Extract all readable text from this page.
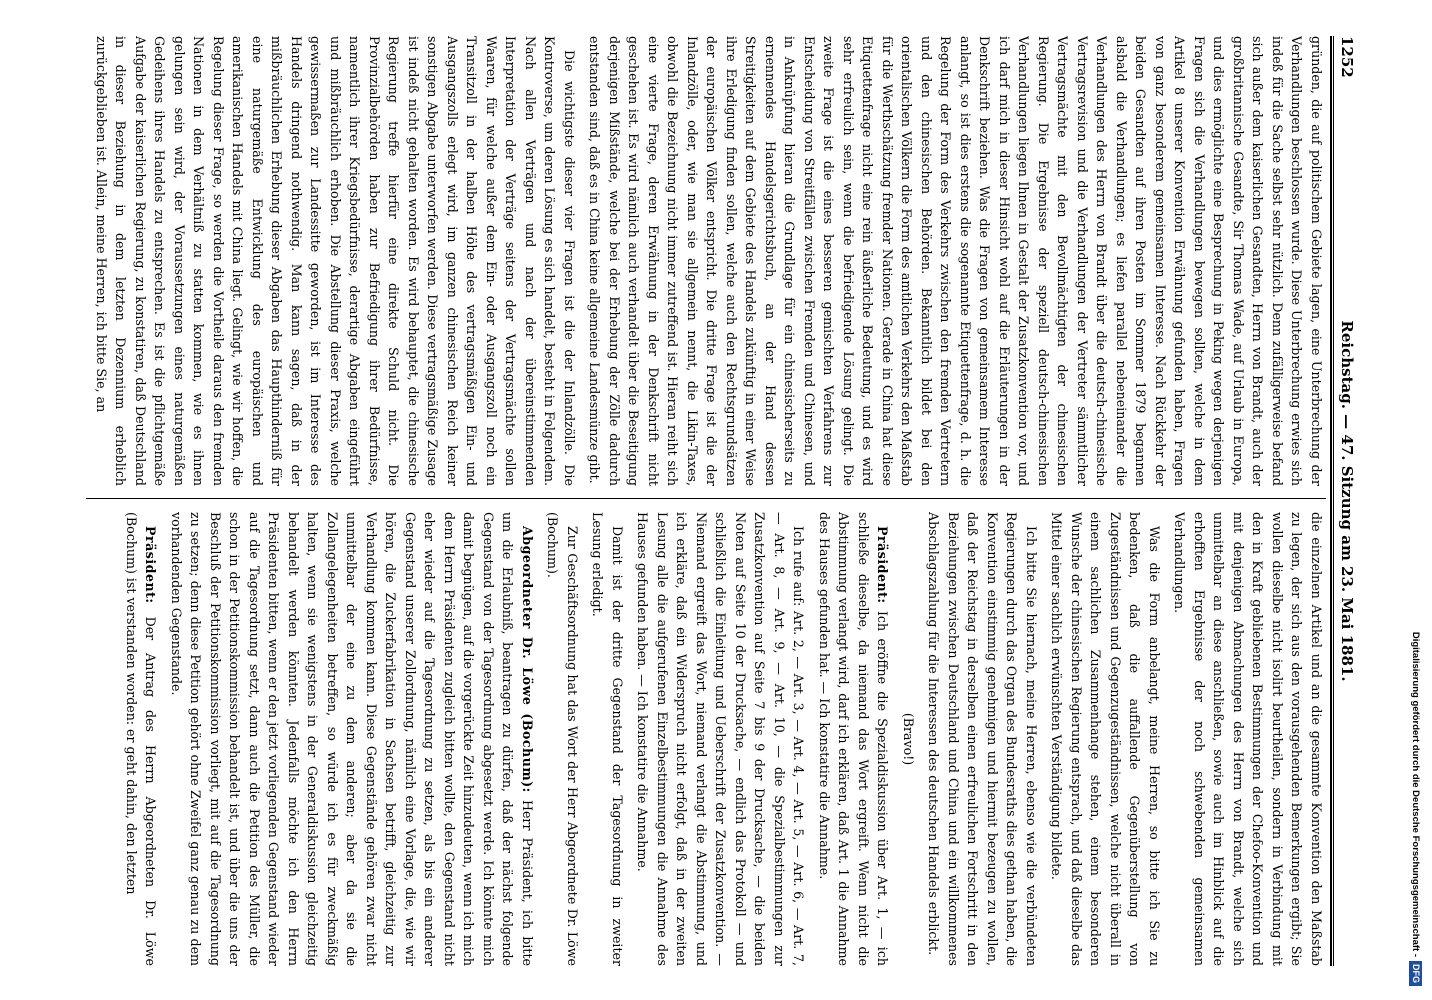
1252
Reichstag. — 47. Sitzung am 23. Mai 1881.

gründen, die auf politischem Gebiete lagen, eine Unterbrechung der Verhandlungen beschlossen wurde. Diese Unterbrechung erwies sich indeß für die Sache selbst sehr nützlich. Denn zufälligerweise befand sich außer dem kaiserlichen Gesandten, Herrn von Brandt, auch der großbritannische Gesandte, Sir Thomas Wade, auf Urlaub in Europa, und dies ermöglichte eine Besprechung in Peking wegen derjenigen Fragen sich die Verhandlungen bewegen sollten, welche in dem Artikel 8 unserer Konvention Erwähnung gefunden haben, Fragen von ganz besonderem gemeinsamen Interesse. Nach Rückkehr der beiden Gesandten auf ihren Posten im Sommer 1879 begannen alsbald die Verhandlungen; es liefen parallel nebeneinander die Verhandlungen des Herrn von Brandt über die deutsch-chinesische Vertragsrevision und die Verhandlungen der Vertreter sämmtlicher Vertragsmächte mit den Bevollmächtigten der chinesischen Regierung. Die Ergebnisse der speziell deutsch-chinesischen Verhandlungen liegen Ihnen in Gestalt der Zusatzkonvention vor, und ich darf mich in dieser Hinsicht wohl auf die Erläuterungen in der Denkschrift beziehen. Was die Fragen von gemeinsamem Interesse anlangt, so ist dies erstens die sogenannte Etiquettenfrage, d. h. die Regelung der Form des Verkehrs zwischen den fremden Vertretern und den chinesischen Behörden. Bekanntlich bildet bei den orientalischen Völkern die Form des amtlichen Verkehrs den Maßstab für die Werthschätzung fremder Nationen. Gerade in China hat diese Etiquettenfrage nicht eine rein äußerliche Bedeutung, und es wird sehr erfreulich sein, wenn die befriedigende Lösung gelingt. Die zweite Frage ist die eines besseren gemischten Verfahrens zur Entscheidung von Streitfällen zwischen Fremden und Chinesen, und in Anknüpfung hieran die Grundlage für ein chinesischerseits zu ernennendes Handelsgerichtsbuch, an der Hand dessen Streitigkeiten auf dem Gebiete des Handels zukünftig in einer Weise ihre Erledigung finden sollen, welche auch den Rechtsgrundsätzen der europäischen Völker entspricht. Die dritte Frage ist die der Inlandzölle, oder, wie man sie allgemein nennt, die Likin-Taxes, obwohl die Bezeichnung nicht immer zutreffend ist. Hieran reiht sich eine vierte Frage, deren Erwähnung in der Denkschrift nicht geschehen ist. Es wird nämlich auch verhandelt über die Beseitigung derjenigen Mißstände, welche bei der Erhebung der Zölle dadurch entstanden sind, daß es in China keine allgemeine Landesmünze gibt.

Die wichtigste dieser vier Fragen ist die der Inlandzölle. Die Kontroverse, um deren Lösung es sich handelt, besteht in Folgendem. Nach allen Verträgen und nach der übereinstimmenden Interpretation der Verträge seitens der Vertragsmächte sollen Waaren, für welche außer dem Ein- oder Ausgangszoll noch ein Transitzoll in der halben Höhe des vertragsmäßigen Ein- und Ausgangszolls erlegt wird, im ganzen chinesischen Reich keiner sonstigen Abgabe unterworfen werden. Diese vertragsmäßige Zusage ist indeß nicht gehalten worden. Es wird behauptet, die chinesische Regierung treffe hierfür eine direkte Schuld nicht. Die Provinzialbehörden haben zur Befriedigung ihrer Bedürfnisse, namentlich ihrer Kriegsbedürfnisse, derartige Abgaben eingeführt und mißbräuchlich erhoben. Die Abstellung dieser Praxis, welche gewissermaßen zur Landessitte geworden, ist im Interesse des Handels dringend nothwendig. Man kann sagen, daß in der mißbräuchlichen Erhebung dieser Abgaben das Haupthinderniß für eine naturgemäße Entwicklung des europäischen und amerikanischen Handels mit China liegt. Gelingt, wie wir hoffen, die Regelung dieser Frage, so werden die Vortheile daraus den fremden Nationen in dem Verhältniß zu statten kommen, wie es ihnen gelungen sein wird, der Voraussetzungen eines naturgemäßen Gedeihens ihres Handels zu entsprechen. Es ist die pflichtgemäße Aufgabe der kaiserlichen Regierung, zu konstatiren, daß Deutschland in dieser Beziehung in dem letzten Dezennium erheblich zurückgeblieben ist. Allein, meine Herren, ich bitte Sie, an

die einzelnen Artikel und an die gesammte Konvention den Maßstab zu legen, der sich aus den vorausgehenden Bemerkungen ergibt; Sie wollen dieselbe nicht isolirt beurtheilen, sondern in Verbindung mit den in Kraft gebliebenen Bestimmungen der Chefoo-Konvention und mit denjenigen Abmachungen des Herrn von Brandt, welche sich unmittelbar an diese anschließen, sowie auch im Hinblick auf die erhofften Ergebnisse der noch schwebenden gemeinsamen Verhandlungen.

Was die Form anbelangt, meine Herren, so bitte ich Sie zu bedenken, daß die auffallende Gegenüberstellung von Zugeständnissen und Gegenzugeständnissen, welche nicht überall in einem sachlichen Zusammenhange stehen, einem besonderen Wunsche der chinesischen Regierung entsprach, und daß dieselbe das Mittel einer sachlich erwünschten Verständigung bildete.

Ich bitte Sie hiernach, meine Herren, ebenso wie die verbündeten Regierungen durch das Organ des Bundesraths dies gethan haben, die Konvention einstimmig genehmigen und hiermit bezeugen zu wollen, daß der Reichstag in derselben einen erfreulichen Fortschritt in den Beziehungen zwischen Deutschland und China und ein willkommenes Abschlagszahlung für die Interessen des deutschen Handels erblickt.

(Bravo!)

Präsident: Ich eröffne die Spezialdiskussion über Art. 1, — ich schließe dieselbe, da niemand das Wort ergreift. Wenn nicht die Abstimmung verlangt wird, darf ich erklären, daß Art. 1 die Annahme des Hauses gefunden hat. — Ich konstatire die Annahme.

Ich rufe auf: Art. 2, — Art. 3, — Art. 4, — Art. 5, — Art. 6, — Art. 7, — Art. 8, — Art. 9, — Art. 10, — die Spezialbestimmungen zur Zusatzkonvention auf Seite 7 bis 9 der Drucksache, — die beiden Noten auf Seite 10 der Drucksache, — endlich das Protokoll — und schließlich die Einleitung und Ueberschrift der Zusatzkonvention. — Niemand ergreift das Wort, niemand verlangt die Abstimmung, und ich erkläre, daß ein Widerspruch nicht erfolgt, daß in der zweiten Lesung alle die aufgerufenen Einzelbestimmungen die Annahme des Hauses gefunden haben. — Ich konstatire die Annahme.

Damit ist der dritte Gegenstand der Tagesordnung in zweiter Lesung erledigt.

Zur Geschäftsordnung hat das Wort der Herr Abgeordnete Dr. Löwe (Bochum).

Abgeordneter Dr. Löwe (Bochum): Herr Präsident, ich bitte um die Erlaubniß, beantragen zu dürfen, daß der nächst folgende Gegenstand von der Tagesordnung abgesetzt werde. Ich könnte mich damit begnügen, auf die vorgerückte Zeit hinzudeuten, wenn ich mich dem Herrn Präsidenten zugleich bitten wollte, den Gegenstand nicht eher wieder auf die Tagesordnung zu setzen, als bis ein anderer Gegenstand unserer Zollordnung, nämlich eine Vorlage, die, wie wir hören, die Zuckerfabrikation in Sachsen betrifft, gleichzeitig zur Verhandlung kommen kann. Diese Gegenstände gehören zwar nicht unmittelbar der eine zu dem anderen; aber da sie die Zollangelegenheiten betreffen, so würde ich es für zweckmäßig halten, wenn sie wenigstens in der Generaldiskussion gleichzeitig behandelt werden könnten. Jedenfalls möchte ich den Herrn Präsidenten bitten, wenn er den jetzt vorliegenden Gegenstand wieder auf die Tagesordnung setzt, dann auch die Petition des Müller, die schon in der Petitionskommission behandelt ist, und über die uns der Beschluß der Petitionskommission vorliegt, mit auf die Tagesordnung zu setzen; denn diese Petition gehört ohne Zweifel ganz genau zu dem vorhandenden Gegenstande.

Präsident: Der Antrag des Herrn Abgeordneten Dr. Löwe (Bochum) ist verstanden worden: er geht dahin, den letzten	Digitalisierung gefördert durch die Deutsche Forschungsgemeinschaft -DFG
